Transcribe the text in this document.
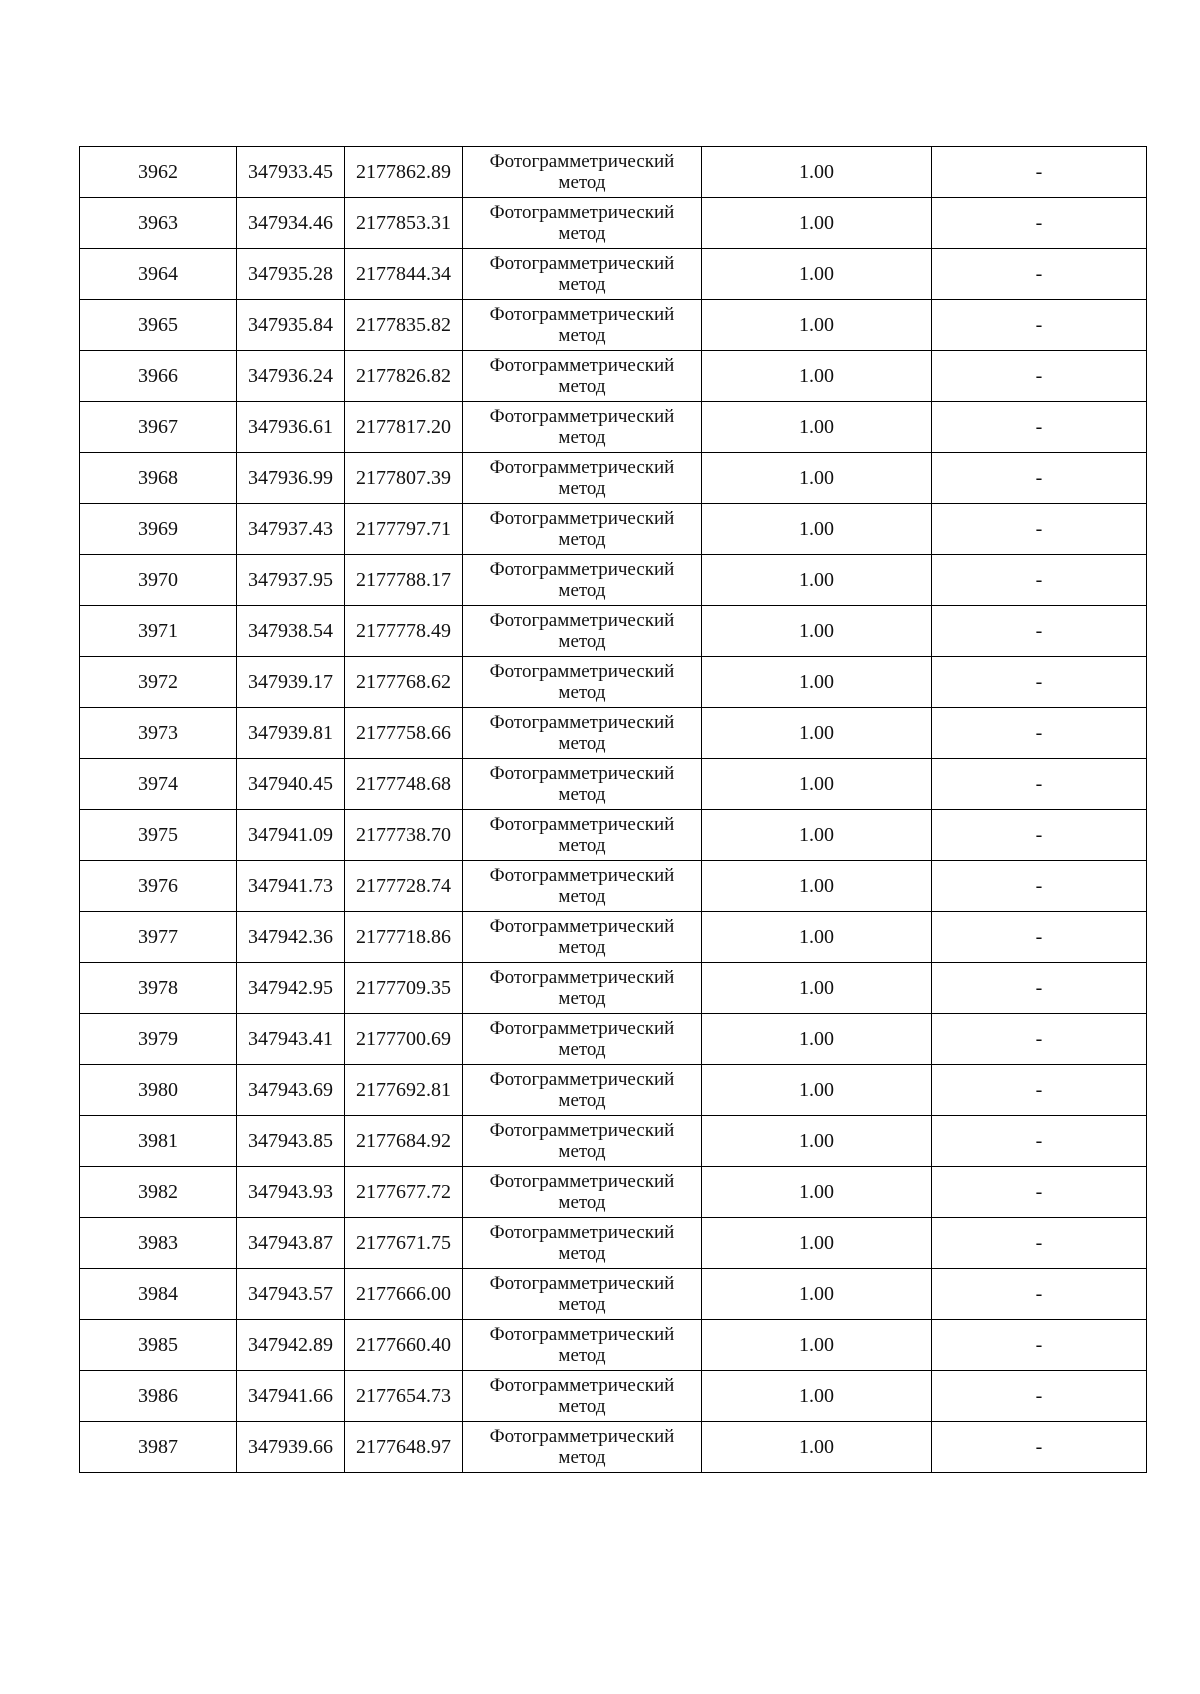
3962	347933.45	2177862.89	Фотограмметрический метод	1.00	-
3963	347934.46	2177853.31	Фотограмметрический метод	1.00	-
3964	347935.28	2177844.34	Фотограмметрический метод	1.00	-
3965	347935.84	2177835.82	Фотограмметрический метод	1.00	-
3966	347936.24	2177826.82	Фотограмметрический метод	1.00	-
3967	347936.61	2177817.20	Фотограмметрический метод	1.00	-
3968	347936.99	2177807.39	Фотограмметрический метод	1.00	-
3969	347937.43	2177797.71	Фотограмметрический метод	1.00	-
3970	347937.95	2177788.17	Фотограмметрический метод	1.00	-
3971	347938.54	2177778.49	Фотограмметрический метод	1.00	-
3972	347939.17	2177768.62	Фотограмметрический метод	1.00	-
3973	347939.81	2177758.66	Фотограмметрический метод	1.00	-
3974	347940.45	2177748.68	Фотограмметрический метод	1.00	-
3975	347941.09	2177738.70	Фотограмметрический метод	1.00	-
3976	347941.73	2177728.74	Фотограмметрический метод	1.00	-
3977	347942.36	2177718.86	Фотограмметрический метод	1.00	-
3978	347942.95	2177709.35	Фотограмметрический метод	1.00	-
3979	347943.41	2177700.69	Фотограмметрический метод	1.00	-
3980	347943.69	2177692.81	Фотограмметрический метод	1.00	-
3981	347943.85	2177684.92	Фотограмметрический метод	1.00	-
3982	347943.93	2177677.72	Фотограмметрический метод	1.00	-
3983	347943.87	2177671.75	Фотограмметрический метод	1.00	-
3984	347943.57	2177666.00	Фотограмметрический метод	1.00	-
3985	347942.89	2177660.40	Фотограмметрический метод	1.00	-
3986	347941.66	2177654.73	Фотограмметрический метод	1.00	-
3987	347939.66	2177648.97	Фотограмметрический метод	1.00	-
